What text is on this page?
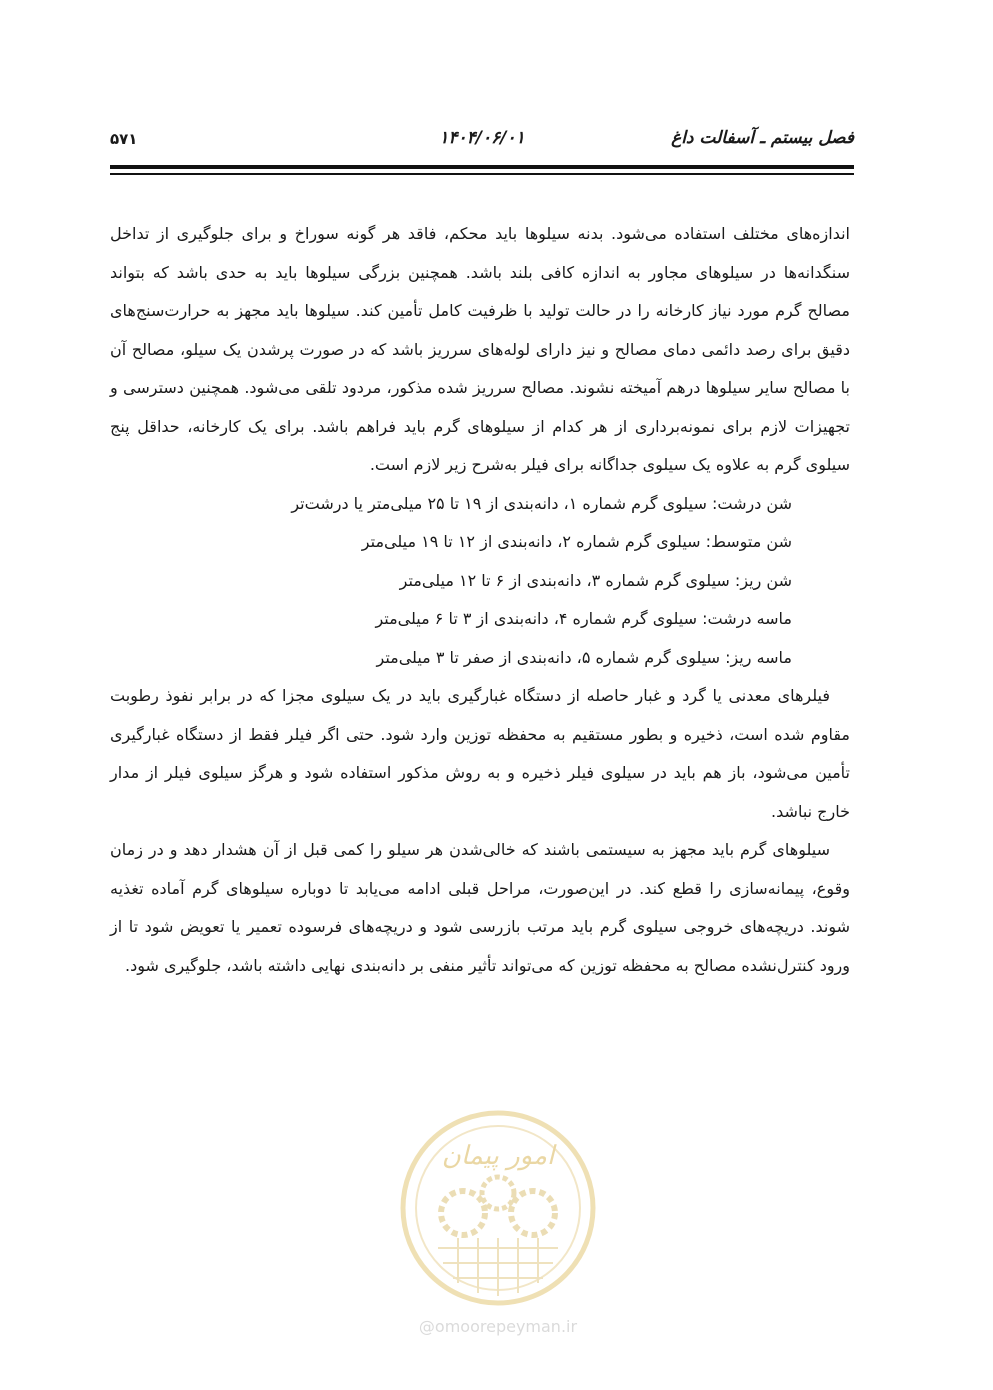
فصل بیستم ـ آسفالت داغ
۱۴۰۴/۰۶/۰۱
۵۷۱

اندازه‌های مختلف استفاده می‌شود. بدنه سیلوها باید محکم، فاقد هر گونه سوراخ و برای جلوگیری از تداخل سنگدانه‌ها در سیلوهای مجاور به اندازه کافی بلند باشد. همچنین بزرگی سیلوها باید به حدی باشد که بتواند مصالح گرم مورد نیاز کارخانه را در حالت تولید با ظرفیت کامل تأمین کند. سیلوها باید مجهز به حرارت‌سنج‌های دقیق برای رصد دائمی دمای مصالح و نیز دارای لوله‌های سرریز باشد که در صورت پرشدن یک سیلو، مصالح آن با مصالح سایر سیلوها درهم آمیخته نشوند. مصالح سرریز شده مذکور، مردود تلقی می‌شود. همچنین دسترسی و تجهیزات لازم برای نمونه‌برداری از هر کدام از سیلوهای گرم باید فراهم باشد. برای یک کارخانه، حداقل پنج سیلوی گرم به علاوه یک سیلوی جداگانه برای فیلر به‌شرح زیر لازم است.

شن درشت: سیلوی گرم شماره ۱، دانه‌بندی از ۱۹ تا ۲۵ میلی‌متر یا درشت‌تر
شن متوسط: سیلوی گرم شماره ۲، دانه‌بندی از ۱۲ تا ۱۹ میلی‌متر
شن ریز: سیلوی گرم شماره ۳، دانه‌بندی از ۶ تا ۱۲ میلی‌متر
ماسه درشت: سیلوی گرم شماره ۴، دانه‌بندی از ۳ تا ۶ میلی‌متر
ماسه ریز: سیلوی گرم شماره ۵، دانه‌بندی از صفر تا ۳ میلی‌متر

فیلرهای معدنی یا گرد و غبار حاصله از دستگاه غبارگیری باید در یک سیلوی مجزا که در برابر نفوذ رطوبت مقاوم شده است، ذخیره و بطور مستقیم به محفظه توزین وارد شود. حتی اگر فیلر فقط از دستگاه غبارگیری تأمین می‌شود، باز هم باید در سیلوی فیلر ذخیره و به روش مذکور استفاده شود و هرگز سیلوی فیلر از مدار خارج نباشد.

سیلوهای گرم باید مجهز به سیستمی باشند که خالی‌شدن هر سیلو را کمی قبل از آن هشدار دهد و در زمان وقوع، پیمانه‌سازی را قطع کند. در این‌صورت، مراحل قبلی ادامه می‌یابد تا دوباره سیلوهای گرم آماده تغذیه شوند. دریچه‌های خروجی سیلوی گرم باید مرتب بازرسی شود و دریچه‌های فرسوده تعمیر یا تعویض شود تا از ورود کنترل‌نشده مصالح به محفظه توزین که می‌تواند تأثیر منفی بر دانه‌بندی نهایی داشته باشد، جلوگیری شود.

امور پیمان
@omoorepeyman.ir
